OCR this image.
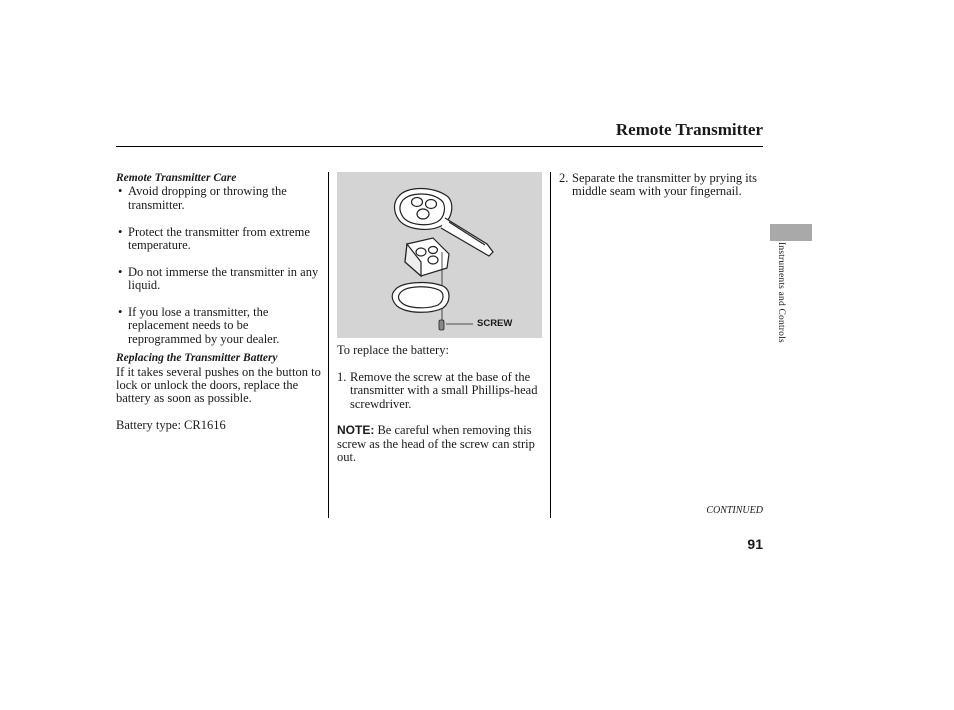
Remote Transmitter

Remote Transmitter Care

• Avoid dropping or throwing the transmitter.

• Protect the transmitter from extreme temperature.

• Do not immerse the transmitter in any liquid.

• If you lose a transmitter, the replacement needs to be reprogrammed by your dealer.

Replacing the Transmitter Battery

If it takes several pushes on the button to lock or unlock the doors, replace the battery as soon as possible.

Battery type: CR1616

SCREW

To replace the battery:

1. Remove the screw at the base of the transmitter with a small Phillips-head screwdriver.

NOTE: Be careful when removing this screw as the head of the screw can strip out.

2. Separate the transmitter by prying its middle seam with your fingernail.

Instruments and Controls
CONTINUED
91
